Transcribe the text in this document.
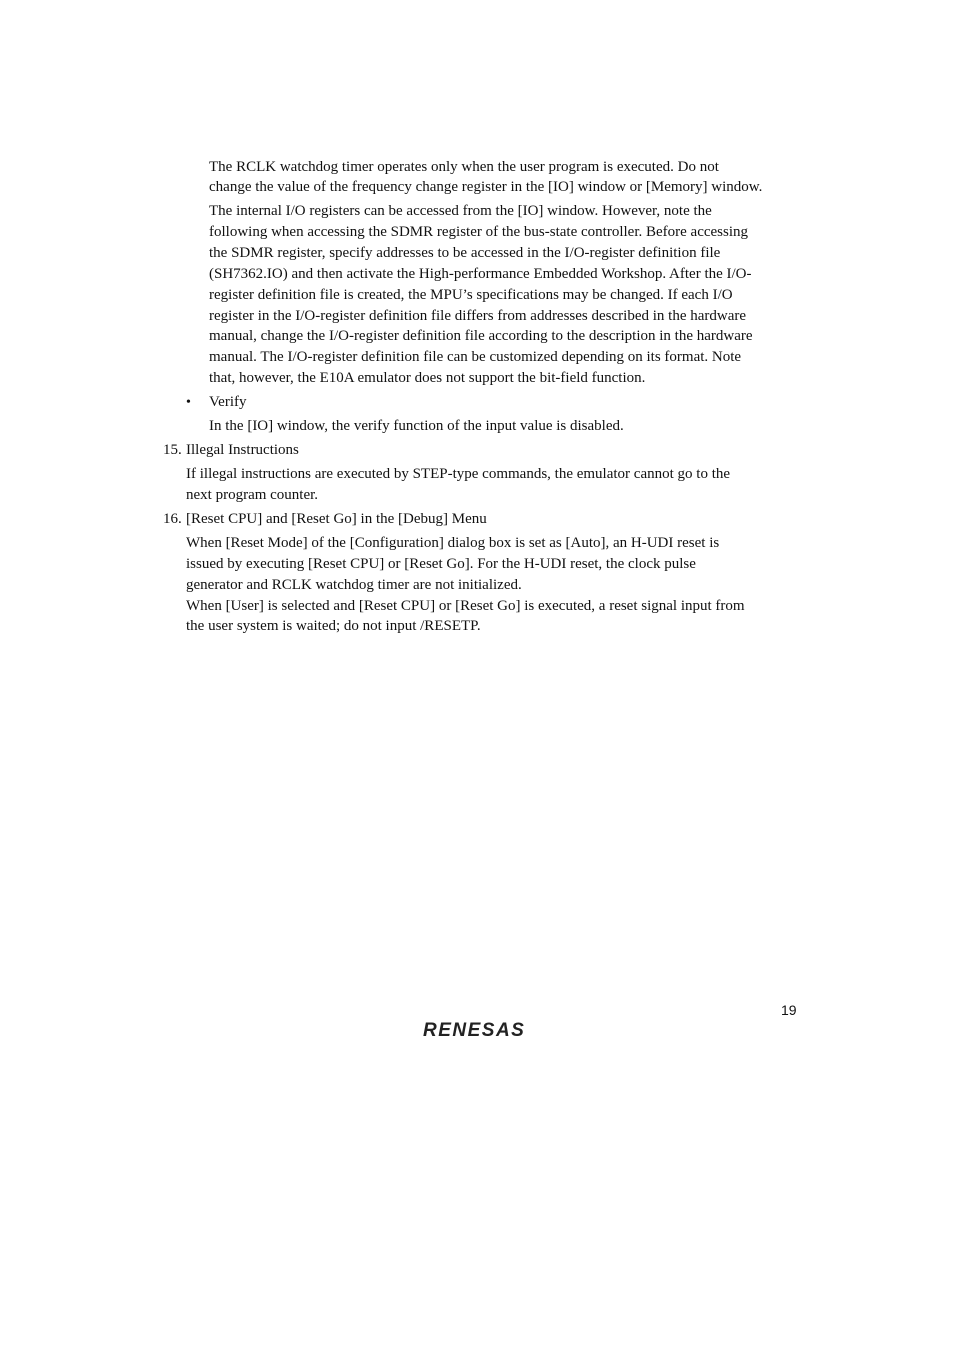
The RCLK watchdog timer operates only when the user program is executed. Do not
change the value of the frequency change register in the [IO] window or [Memory] window.
The internal I/O registers can be accessed from the [IO] window. However, note the
following when accessing the SDMR register of the bus-state controller. Before accessing
the SDMR register, specify addresses to be accessed in the I/O-register definition file
(SH7362.IO) and then activate the High-performance Embedded Workshop. After the I/O-
register definition file is created, the MPU’s specifications may be changed. If each I/O
register in the I/O-register definition file differs from addresses described in the hardware
manual, change the I/O-register definition file according to the description in the hardware
manual. The I/O-register definition file can be customized depending on its format. Note
that, however, the E10A emulator does not support the bit-field function.
• Verify
In the [IO] window, the verify function of the input value is disabled.
15. Illegal Instructions
If illegal instructions are executed by STEP-type commands, the emulator cannot go to the
next program counter.
16. [Reset CPU] and [Reset Go] in the [Debug] Menu
When [Reset Mode] of the [Configuration] dialog box is set as [Auto], an H-UDI reset is
issued by executing [Reset CPU] or [Reset Go]. For the H-UDI reset, the clock pulse
generator and RCLK watchdog timer are not initialized.
When [User] is selected and [Reset CPU] or [Reset Go] is executed, a reset signal input from
the user system is waited; do not input /RESETP.
19
RENESAS
